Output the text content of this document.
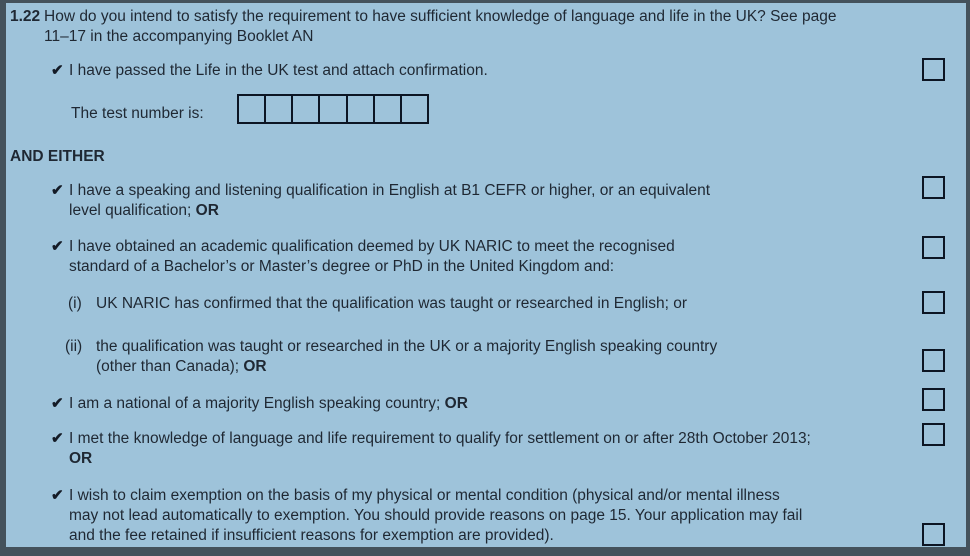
1.22 How do you intend to satisfy the requirement to have sufficient knowledge of language and life in the UK? See page
11–17 in the accompanying Booklet AN
✔ I have passed the Life in the UK test and attach confirmation.
The test number is:
AND EITHER
✔ I have a speaking and listening qualification in English at B1 CEFR or higher, or an equivalent
level qualification; OR
✔ I have obtained an academic qualification deemed by UK NARIC to meet the recognised
standard of a Bachelor’s or Master’s degree or PhD in the United Kingdom and:
(i) UK NARIC has confirmed that the qualification was taught or researched in English; or
(ii) the qualification was taught or researched in the UK or a majority English speaking country
(other than Canada); OR
✔ I am a national of a majority English speaking country; OR
✔ I met the knowledge of language and life requirement to qualify for settlement on or after 28th October 2013;
OR
✔ I wish to claim exemption on the basis of my physical or mental condition (physical and/or mental illness
may not lead automatically to exemption. You should provide reasons on page 15. Your application may fail
and the fee retained if insufficient reasons for exemption are provided).
